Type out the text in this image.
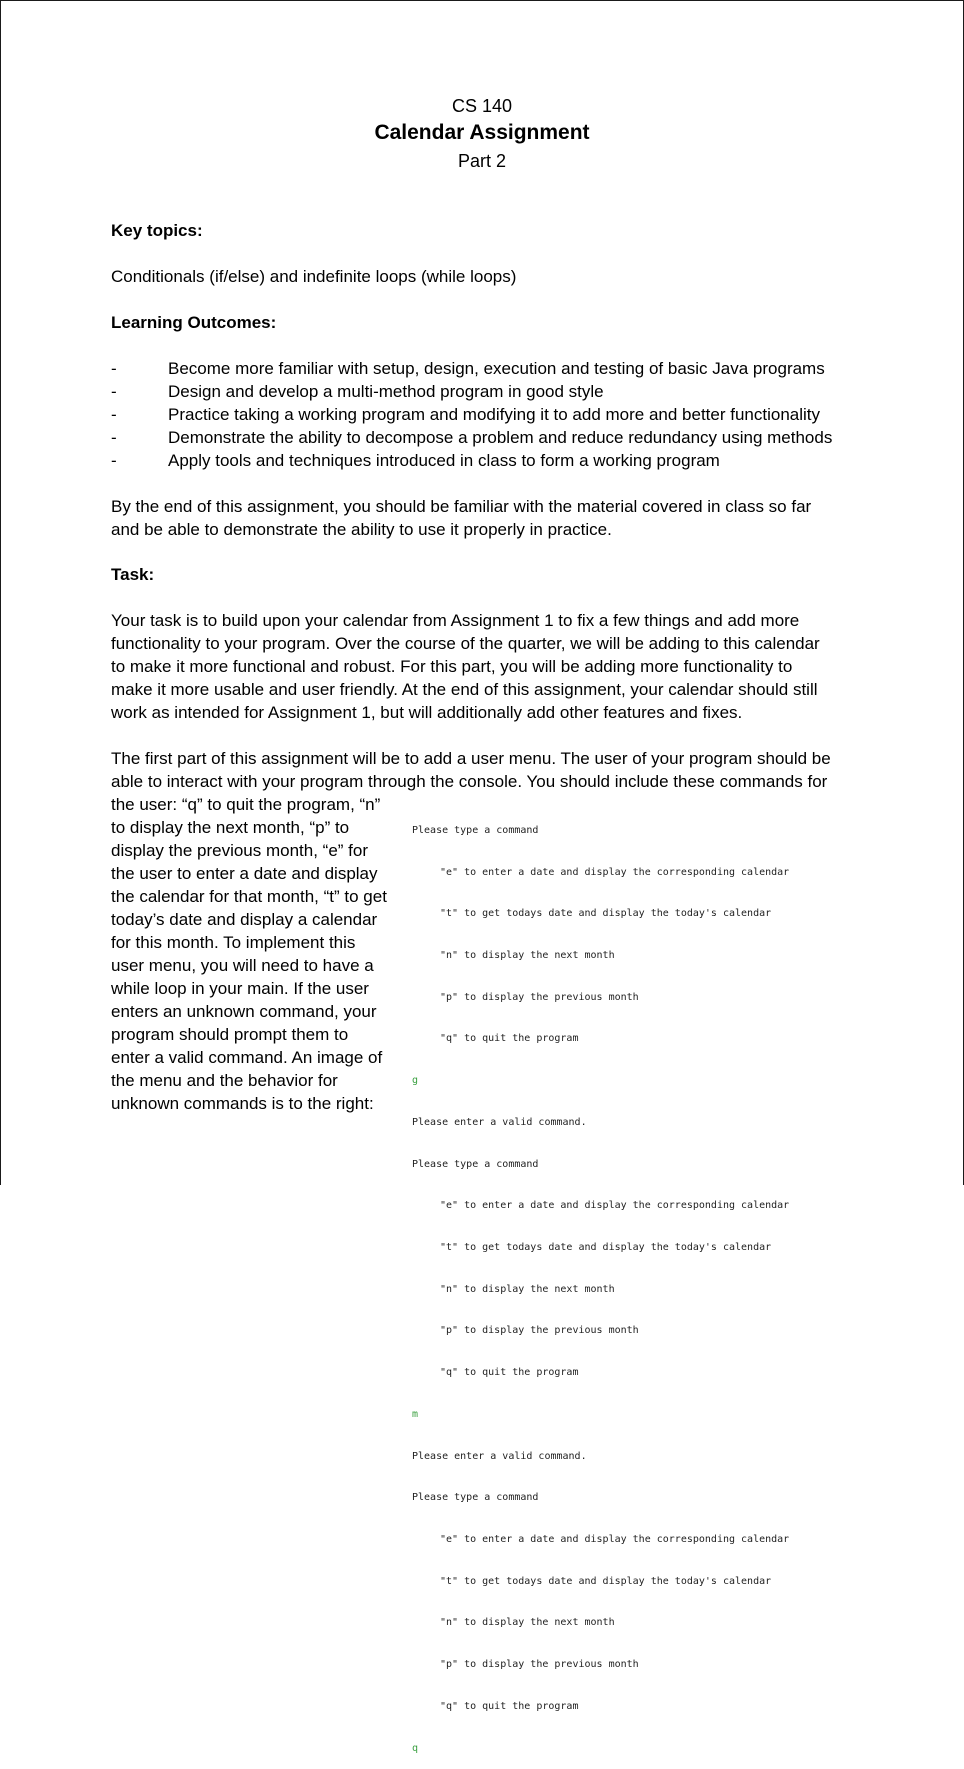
CS 140
Calendar Assignment
Part 2
Key topics:
Conditionals (if/else) and indefinite loops (while loops)
Learning Outcomes:
-	Become more familiar with setup, design, execution and testing of basic Java programs
-	Design and develop a multi-method program in good style
-	Practice taking a working program and modifying it to add more and better functionality
-	Demonstrate the ability to decompose a problem and reduce redundancy using methods
-	Apply tools and techniques introduced in class to form a working program
By the end of this assignment, you should be familiar with the material covered in class so far
and be able to demonstrate the ability to use it properly in practice.
Task:
Your task is to build upon your calendar from Assignment 1 to fix a few things and add more
functionality to your program. Over the course of the quarter, we will be adding to this calendar
to make it more functional and robust. For this part, you will be adding more functionality to
make it more usable and user friendly. At the end of this assignment, your calendar should still
work as intended for Assignment 1, but will additionally add other features and fixes.
The first part of this assignment will be to add a user menu. The user of your program should be
able to interact with your program through the console. You should include these commands for
the user: “q” to quit the program, “n”
to display the next month, “p” to
display the previous month, “e” for
the user to enter a date and display
the calendar for that month, “t” to get
today’s date and display a calendar
for this month. To implement this
user menu, you will need to have a
while loop in your main. If the user
enters an unknown command, your
program should prompt them to
enter a valid command. An image of
the menu and the behavior for
unknown commands is to the right:

Please type a command

"e" to enter a date and display the corresponding calendar

"t" to get todays date and display the today's calendar

"n" to display the next month

"p" to display the previous month

"q" to quit the program

g

Please enter a valid command.

Please type a command

"e" to enter a date and display the corresponding calendar

"t" to get todays date and display the today's calendar

"n" to display the next month

"p" to display the previous month

"q" to quit the program

m

Please enter a valid command.

Please type a command

"e" to enter a date and display the corresponding calendar

"t" to get todays date and display the today's calendar

"n" to display the next month

"p" to display the previous month

"q" to quit the program

q
